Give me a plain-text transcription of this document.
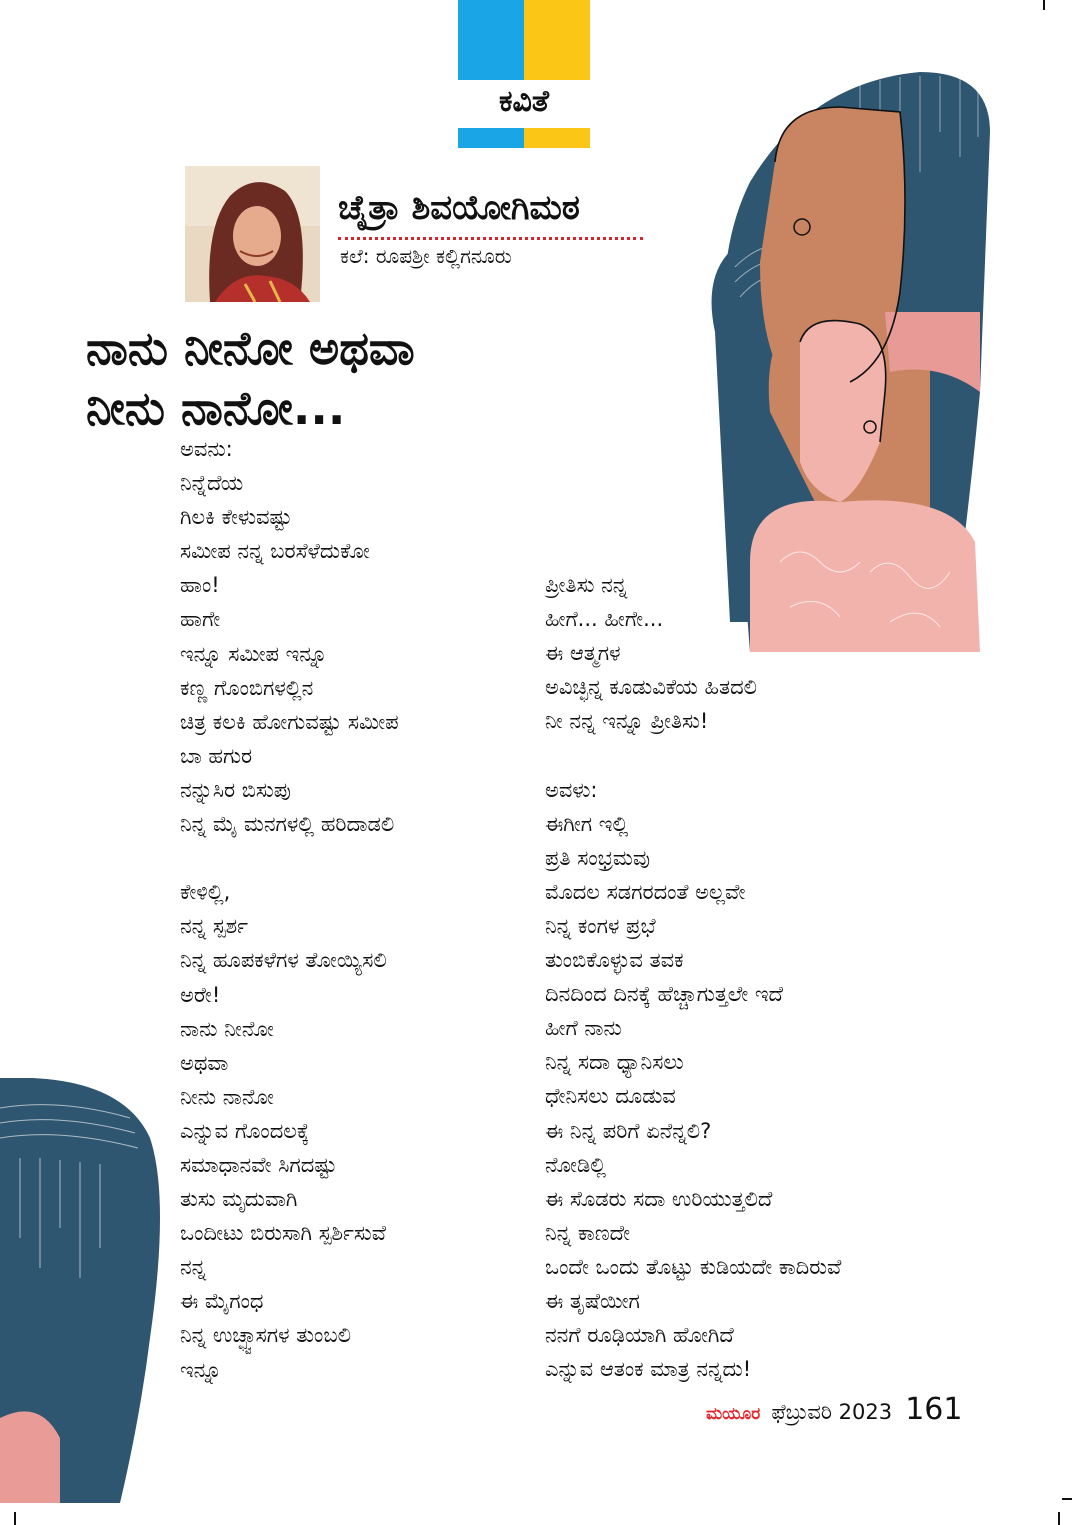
ಕವಿತೆ
ಚೈತ್ರಾ ಶಿವಯೋಗಿಮಠ
ಕಲೆ: ರೂಪಶ್ರೀ ಕಲ್ಲಿಗನೂರು
ನಾನು ನೀನೋ ಅಥವಾ
ನೀನು ನಾನೋ...
ಅವನು:
ನಿನ್ನೆದೆಯ
ಗಿಲಕಿ ಕೇಳುವಷ್ಟು
ಸಮೀಪ ನನ್ನ ಬರಸೆಳೆದುಕೋ
ಹಾಂ!
ಹಾಗೇ
ಇನ್ನೂ ಸಮೀಪ ಇನ್ನೂ
ಕಣ್ಣ ಗೊಂಬಿಗಳಲ್ಲಿನ
ಚಿತ್ರ ಕಲಕಿ ಹೋಗುವಷ್ಟು ಸಮೀಪ
ಬಾ ಹಗುರ
ನನ್ನುಸಿರ ಬಿಸುಪು
ನಿನ್ನ ಮೈ ಮನಗಳಲ್ಲಿ ಹರಿದಾಡಲಿ
ಕೇಳಿಲ್ಲಿ,
ನನ್ನ ಸ್ಪರ್ಶ
ನಿನ್ನ ಹೂಪಕಳೆಗಳ ತೋಯ್ಯಿಸಲಿ
ಅರೇ!
ನಾನು ನೀನೋ
ಅಥವಾ
ನೀನು ನಾನೋ
ಎನ್ನುವ ಗೊಂದಲಕ್ಕೆ
ಸಮಾಧಾನವೇ ಸಿಗದಷ್ಟು
ತುಸು ಮೃದುವಾಗಿ
ಒಂದೀಟು ಬಿರುಸಾಗಿ ಸ್ಪರ್ಶಿಸುವೆ
ನನ್ನ
ಈ ಮೈಗಂಧ
ನಿನ್ನ ಉಚ್ಛ್ವಾಸಗಳ ತುಂಬಲಿ
ಇನ್ನೂ
ಪ್ರೀತಿಸು ನನ್ನ
ಹೀಗೆ... ಹೀಗೇ...
ಈ ಆತ್ಮಗಳ
ಅವಿಚ್ಛಿನ್ನ ಕೂಡುವಿಕೆಯ ಹಿತದಲಿ
ನೀ ನನ್ನ ಇನ್ನೂ ಪ್ರೀತಿಸು!
ಅವಳು:
ಈಗೀಗ ಇಲ್ಲಿ
ಪ್ರತಿ ಸಂಭ್ರಮವು
ಮೊದಲ ಸಡಗರದಂತೆ ಅಲ್ಲವೇ
ನಿನ್ನ ಕಂಗಳ ಪ್ರಭೆ
ತುಂಬಿಕೊಳ್ಳುವ ತವಕ
ದಿನದಿಂದ ದಿನಕ್ಕೆ ಹೆಚ್ಚಾಗುತ್ತಲೇ ಇದೆ
ಹೀಗೆ ನಾನು
ನಿನ್ನ ಸದಾ ಧ್ಯಾನಿಸಲು
ಧೇನಿಸಲು ದೂಡುವ
ಈ ನಿನ್ನ ಪರಿಗೆ ಏನೆನ್ನಲಿ?
ನೋಡಿಲ್ಲಿ
ಈ ಸೊಡರು ಸದಾ ಉರಿಯುತ್ತಲಿದೆ
ನಿನ್ನ ಕಾಣದೇ
ಒಂದೇ ಒಂದು ತೊಟ್ಟು ಕುಡಿಯದೇ ಕಾದಿರುವೆ
ಈ ತೃಷೆಯೀಗ
ನನಗೆ ರೂಢಿಯಾಗಿ ಹೋಗಿದೆ
ಎನ್ನುವ ಆತಂಕ ಮಾತ್ರ ನನ್ನದು!
ಮಯೂರ ಫೆಬ್ರುವರಿ 2023 161
